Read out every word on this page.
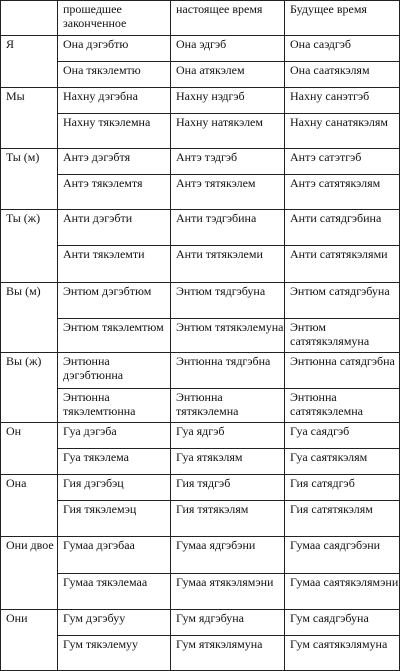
	прошедшее законченное	настоящее время	Будущее время
Я	Она дэгэбтю	Она эдгэб	Она саэдгэб
	Она тякэлемтю	Она атякэлем	Она саатякэлям
Мы	Нахну дэгэбна	Нахну нэдгэб	Нахну санэтгэб
	Нахну тякэлемна	Нахну натякэлем	Нахну санатякэлям
Ты (м)	Антэ дэгэбтя	Антэ тэдгэб	Антэ сатэтгэб
	Антэ тякэлемтя	Антэ тятякэлем	Антэ сатятякэлям
Ты (ж)	Анти дэгэбти	Анти тэдгэбина	Анти сатядгэбина
	Анти тякэлемти	Анти тятякэлеми	Анти сатятякэлями
Вы (м)	Энтюм дэгэбтюм	Энтюм тядгэбуна	Энтюм сатядгэбуна
	Энтюм тякэлемтюм	Энтюм тятякэлемуна	Энтюм сатятякэлямуна
Вы (ж)	Энтюнна дэгэбтюнна	Энтюнна тядгэбна	Энтюнна сатядгэбна
	Энтюнна тякэлемтюнна	Энтюнна тятякэлемна	Энтюнна сатятякэлемна
Он	Гуа дэгэба	Гуа ядгэб	Гуа саядгэб
	Гуа тякэлема	Гуа ятякэлям	Гуа саятякэлям
Она	Гия дэгэбэц	Гия тядгэб	Гия сатядгэб
	Гия тякэлемэц	Гия тятякэлям	Гия сатятякэлям
Они двое	Гумаа дэгэбаа	Гумаа ядгэбэни	Гумаа саядгэбэни
	Гумаа тякэлемаа	Гумаа ятякэлямэни	Гумаа саятякэлямэни
Они	Гум дэгэбуу	Гум ядгэбуна	Гум саядгэбуна
	Гум тякэлемуу	Гум ятякэлямуна	Гум саятякэлямуна
